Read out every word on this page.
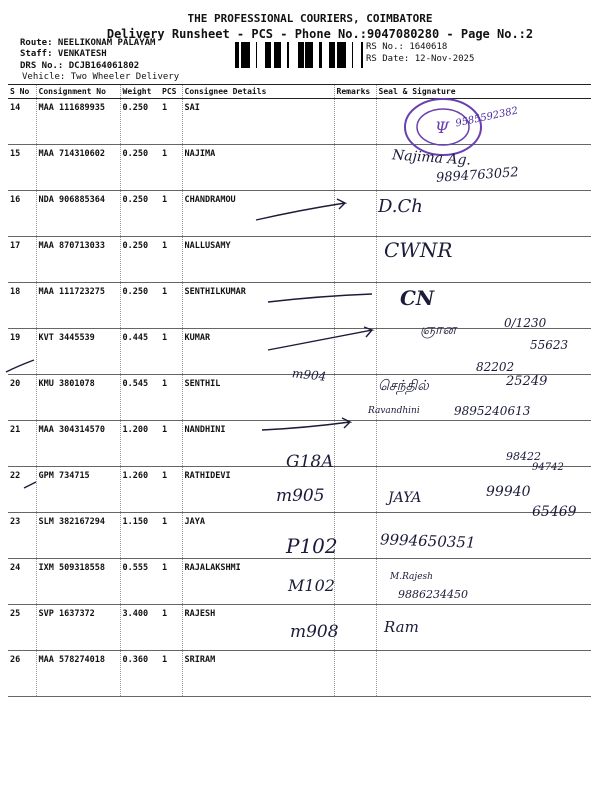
THE PROFESSIONAL COURIERS, COIMBATORE
Delivery Runsheet - PCS - Phone No.:9047080280 - Page No.:2
Route: NEELIKONAM PALAYAM
Staff: VENKATESH
DRS No.: DCJB164061802
Vehicle: Two Wheeler Delivery
RS No.: 1640618
RS Date: 12-Nov-2025
S No	Consignment No	Weight	PCS	Consignee Details	Remarks	Seal & Signature
14	MAA 111689935	0.250	1	SAI		
15	MAA 714310602	0.250	1	NAJIMA		
16	NDA 906885364	0.250	1	CHANDRAMOU		
17	MAA 870713033	0.250	1	NALLUSAMY		
18	MAA 111723275	0.250	1	SENTHILKUMAR		
19	KVT 3445539	0.445	1	KUMAR		
20	KMU 3801078	0.545	1	SENTHIL		
21	MAA 304314570	1.200	1	NANDHINI		
22	GPM 734715	1.260	1	RATHIDEVI		
23	SLM 382167294	1.150	1	JAYA		
24	IXM 509318558	0.555	1	RAJALAKSHMI		
25	SVP 1637372	3.400	1	RAJESH		
26	MAA 578274018	0.360	1	SRIRAM		
Ψ 9585592382
Najima Ag.
9894763052
D.Ch
CWNR
CN
ஞான	0/1230
55623
82202
m904
செந்தில்	25249
Ravandhini	9895240613
G18A	98422
94742
m905	JAYA	99940
65469
P102	9994650351
M102	M.Rajesh
9886234450
m908	Ram
